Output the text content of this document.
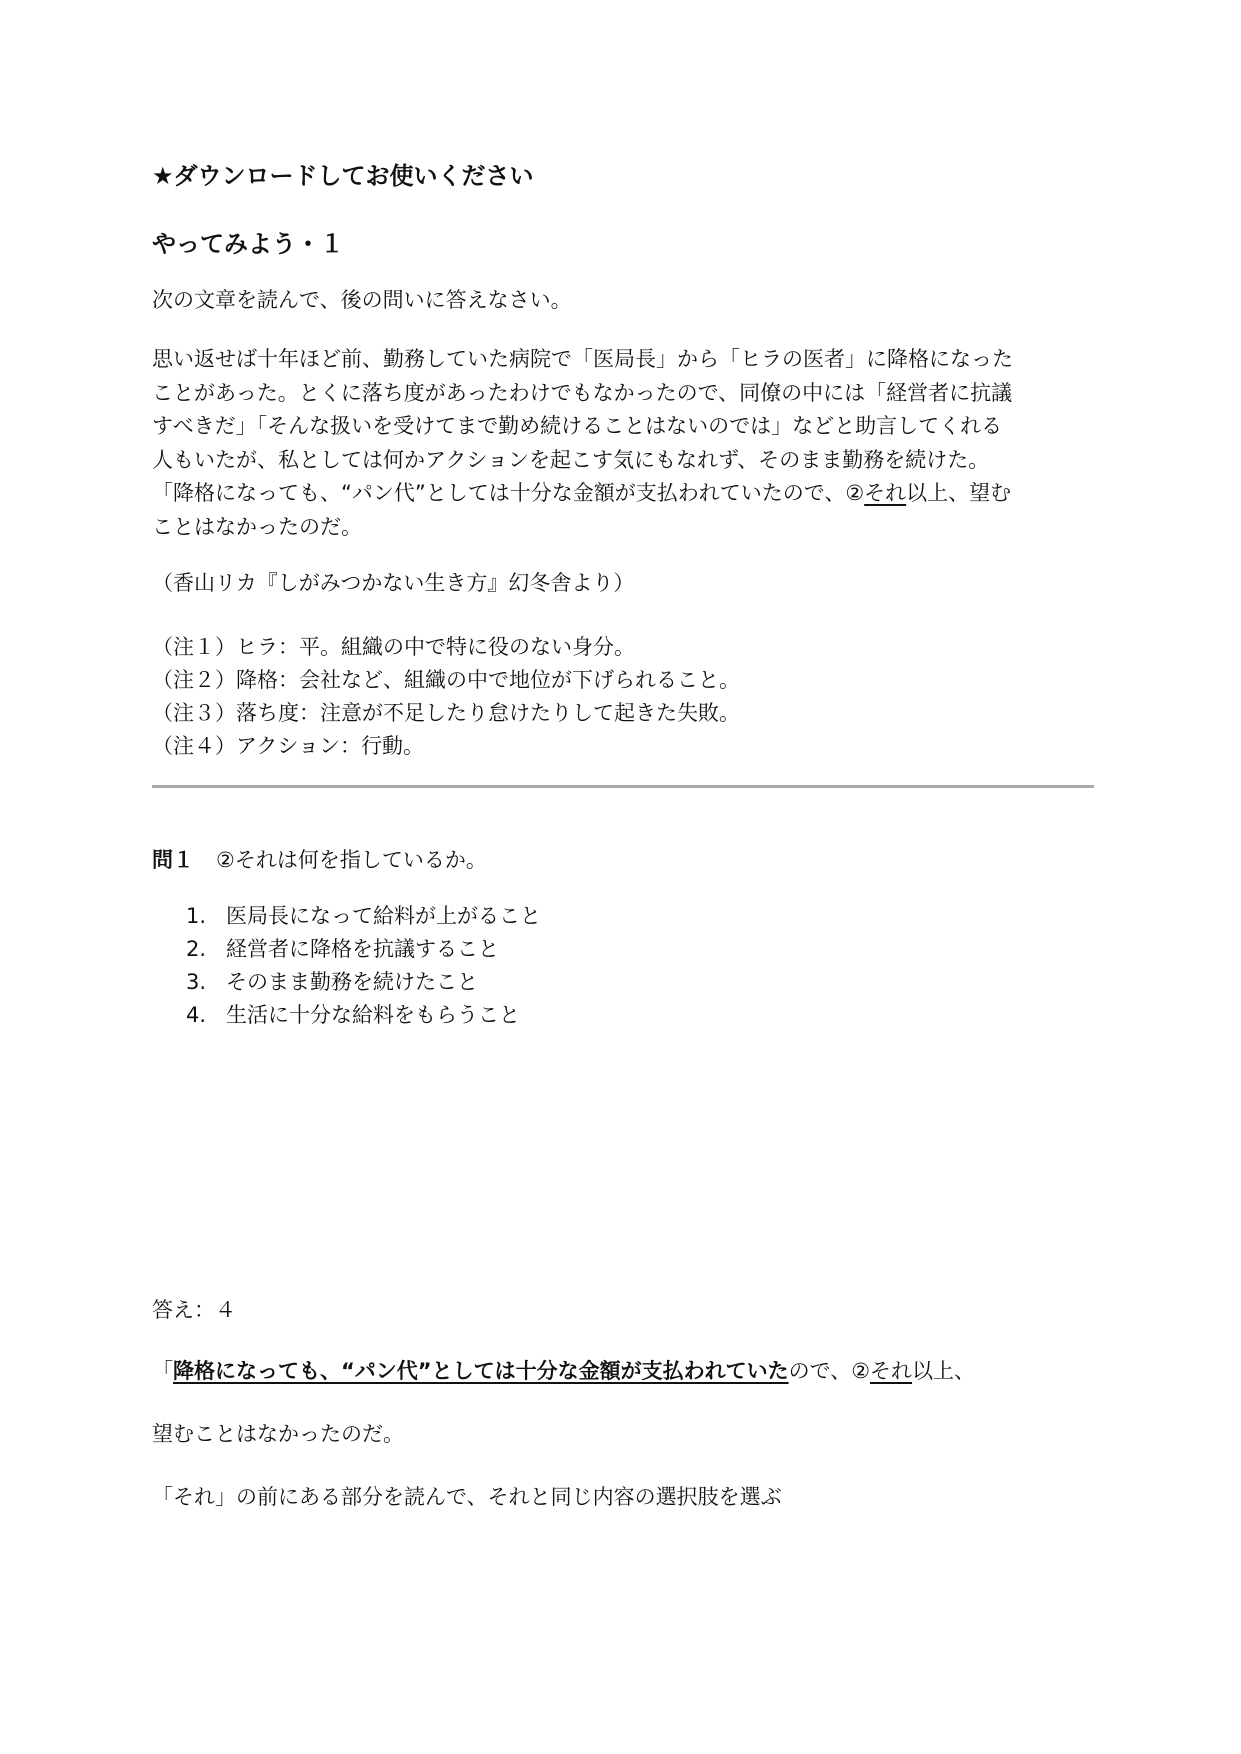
★ダウンロードしてお使いください
やってみよう・１
次の文章を読んで、後の問いに答えなさい。
思い返せば十年ほど前、勤務していた病院で「医局長」から「ヒラの医者」に降格になった
ことがあった。とくに落ち度があったわけでもなかったので、同僚の中には「経営者に抗議
すべきだ」「そんな扱いを受けてまで勤め続けることはないのでは」などと助言してくれる
人もいたが、私としては何かアクションを起こす気にもなれず、そのまま勤務を続けた。
「降格になっても、“パン代”としては十分な金額が支払われていたので、②それ以上、望む
ことはなかったのだ。
（香山リカ『しがみつかない生き方』幻冬舎より）
（注１）ヒラ：平。組織の中で特に役のない身分。
（注２）降格：会社など、組織の中で地位が下げられること。
（注３）落ち度：注意が不足したり怠けたりして起きた失敗。
（注４）アクション：行動。
問１ ②それは何を指しているか。
1. 医局長になって給料が上がること
2. 経営者に降格を抗議すること
3. そのまま勤務を続けたこと
4. 生活に十分な給料をもらうこと
答え：４
「降格になっても、“パン代”としては十分な金額が支払われていたので、②それ以上、
望むことはなかったのだ。
「それ」の前にある部分を読んで、それと同じ内容の選択肢を選ぶ
